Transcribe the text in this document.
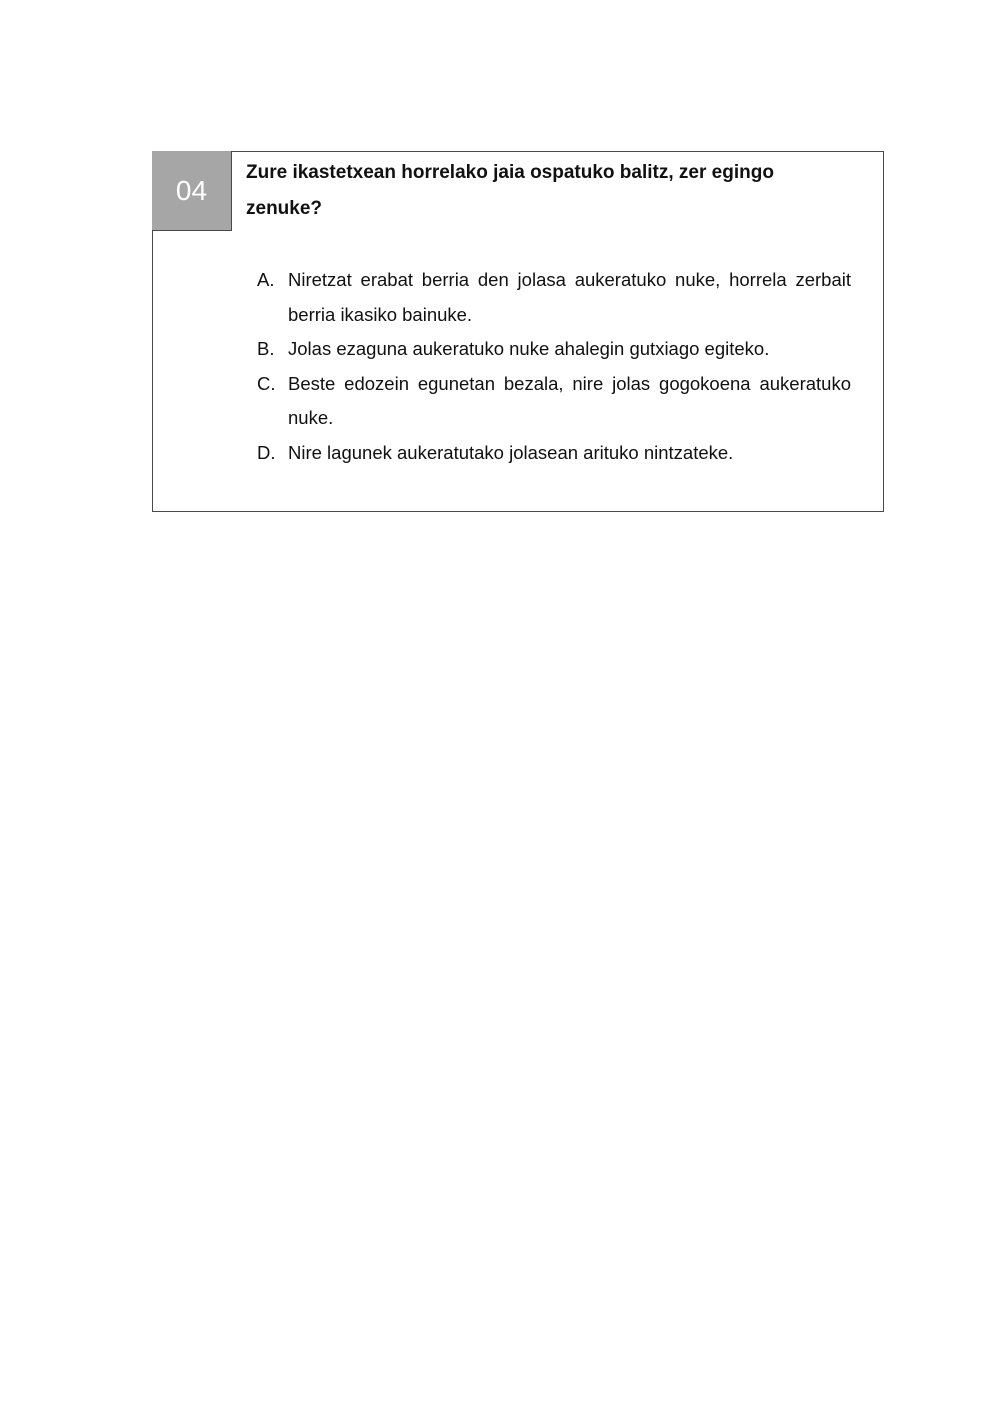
04

Zure ikastetxean horrelako jaia ospatuko balitz, zer egingo zenuke?

A. Niretzat erabat berria den jolasa aukeratuko nuke, horrela zerbait berria ikasiko bainuke.
B. Jolas ezaguna aukeratuko nuke ahalegin gutxiago egiteko.
C. Beste edozein egunetan bezala, nire jolas gogokoena aukeratuko nuke.
D. Nire lagunek aukeratutako jolasean arituko nintzateke.
